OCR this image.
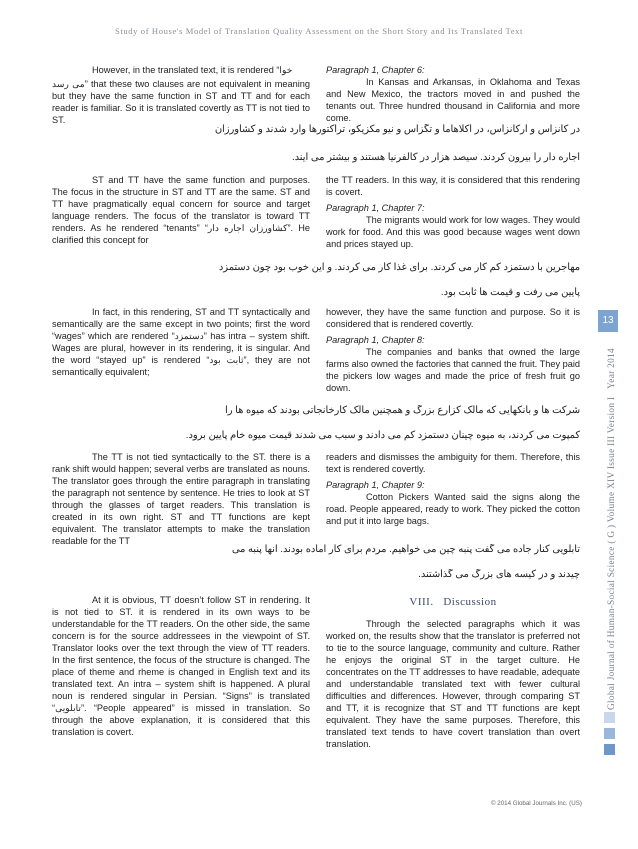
Study of House's Model of Translation Quality Assessment on the Short Story and Its Translated Text

However, in the translated text, it is rendered “خوا

می رسد” that these two clauses are not equivalent in meaning but they have the same function in ST and TT and for each reader is familiar. So it is translated covertly as TT is not tied to ST.

Paragraph 1, Chapter 6:

In Kansas and Arkansas, in Oklahoma and Texas and New Mexico, the tractors moved in and pushed the tenants out. Three hundred thousand in California and more come.

در کانزاس و آرکانزاس، در اکلاهاما و تگزاس و نیو مکزیکو، تراکتورها وارد شدند و کشاورزان
اجاره دار را بیرون کردند. سیصد هزار در کالفرنیا هستند و بیشتر می آیند.

ST and TT have the same function and purposes. The focus in the structure in ST and TT are the same. ST and TT have pragmatically equal concern for source and target language renders. The focus of the translator is toward TT renders. As he rendered “tenants” “کشاورزان اجاره دار”. He clarified this concept for

the TT readers. In this way, it is considered that this rendering is covert.

Paragraph 1, Chapter 7:

The migrants would work for low wages. They would work for food. And this was good because wages went down and prices stayed up.

مهاجرین با دستمزد کم کار می کردند. برای غذا کار می کردند. و این خوب بود چون دستمزد
پایین می رفت و قیمت ها ثابت بود.

In fact, in this rendering, ST and TT syntactically and semantically are the same except in two points; first the word “wages” which are rendered “دستمزد” has intra – system shift. Wages are plural, however in its rendering, it is singular. And the word “stayed up” is rendered “ثابت بود”, they are not semantically equivalent;

however, they have the same function and purpose. So it is considered that is rendered covertly.

Paragraph 1, Chapter 8:

The companies and banks that owned the large farms also owned the factories that canned the fruit. They paid the pickers low wages and made the price of fresh fruit go down.

شرکت ها و بانکهایی که مالک کزارع بزرگ و همچنین مالک کارخانجاتی بودند که میوه ها را
کمپوت می کردند، به میوه چینان دستمزد کم می دادند و سبب می شدند قیمت میوه خام پایین برود.

The TT is not tied syntactically to the ST. there is a rank shift would happen; several verbs are translated as nouns. The translator goes through the entire paragraph in translating the paragraph not sentence by sentence. He tries to look at ST through the glasses of target readers. This translation is created in its own right. ST and TT functions are kept equivalent. The translator attempts to make the translation readable for the TT

readers and dismisses the ambiguity for them. Therefore, this text is rendered covertly.

Paragraph 1, Chapter 9:

Cotton Pickers Wanted said the signs along the road. People appeared, ready to work. They picked the cotton and put it into large bags.

تابلویی کنار جاده می گفت پنبه چین می خواهیم. مردم برای کار آماده بودند. آنها پنبه می
چیدند و در کیسه های بزرگ می گذاشتند.

At it is obvious, TT doesn’t follow ST in rendering. It is not tied to ST. it is rendered in its own ways to be understandable for the TT readers. On the other side, the same concern is for the source addressees in the viewpoint of ST. Translator looks over the text through the view of TT readers. In the first sentence, the focus of the structure is changed. The place of theme and rheme is changed in English text and its translated text. An intra – system shift is happened. A plural noun is rendered singular in Persian. “Signs” is translated “تابلویی”. “People appeared” is missed in translation. So through the above explanation, it is considered that this translation is covert.

VIII. Discussion

Through the selected paragraphs which it was worked on, the results show that the translator is preferred not to tie to the source language, community and culture. Rather he enjoys the original ST in the target culture. He concentrates on the TT addresses to have readable, adequate and understandable translated text with fewer cultural difficulties and differences. However, through comparing ST and TT, it is recognize that ST and TT functions are kept equivalent. They have the same purposes. Therefore, this translated text tends to have covert translation than overt translation.

Global Journal of Human-Social Science ( G ) Volume XIV Issue III Version I   Year 2014
13
© 2014 Global Journals Inc. (US)
